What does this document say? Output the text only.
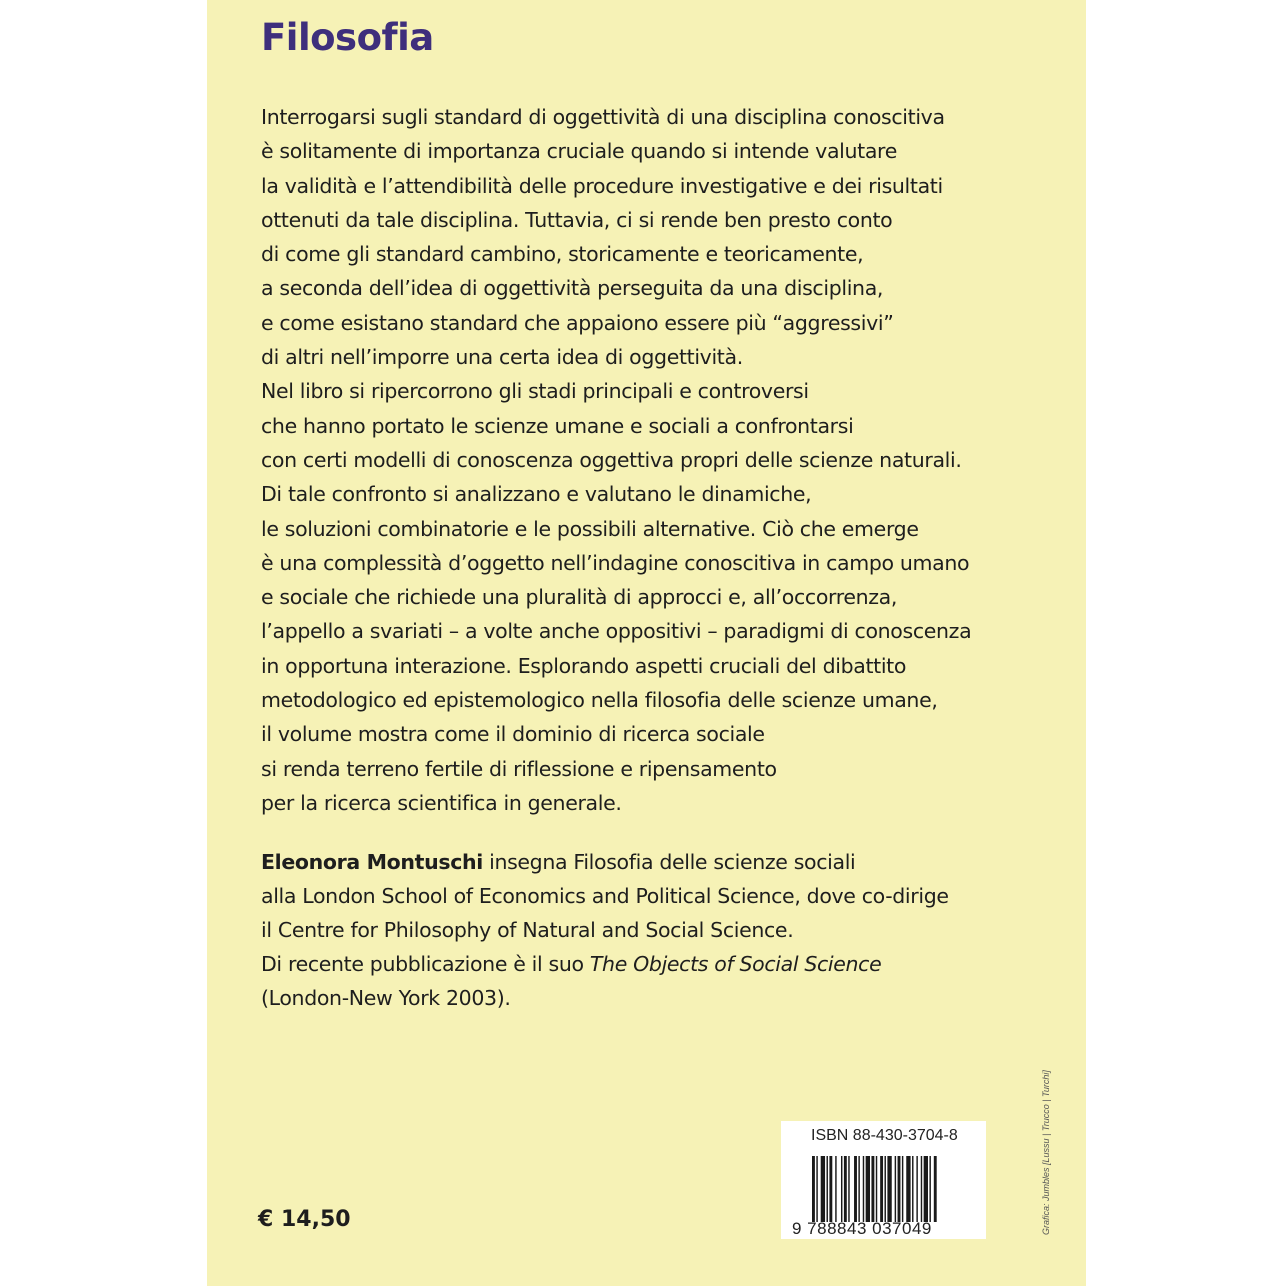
Filosofia
Interrogarsi sugli standard di oggettività di una disciplina conoscitiva
è solitamente di importanza cruciale quando si intende valutare
la validità e l’attendibilità delle procedure investigative e dei risultati
ottenuti da tale disciplina. Tuttavia, ci si rende ben presto conto
di come gli standard cambino, storicamente e teoricamente,
a seconda dell’idea di oggettività perseguita da una disciplina,
e come esistano standard che appaiono essere più “aggressivi”
di altri nell’imporre una certa idea di oggettività.
Nel libro si ripercorrono gli stadi principali e controversi
che hanno portato le scienze umane e sociali a confrontarsi
con certi modelli di conoscenza oggettiva propri delle scienze naturali.
Di tale confronto si analizzano e valutano le dinamiche,
le soluzioni combinatorie e le possibili alternative. Ciò che emerge
è una complessità d’oggetto nell’indagine conoscitiva in campo umano
e sociale che richiede una pluralità di approcci e, all’occorrenza,
l’appello a svariati – a volte anche oppositivi – paradigmi di conoscenza
in opportuna interazione. Esplorando aspetti cruciali del dibattito
metodologico ed epistemologico nella filosofia delle scienze umane,
il volume mostra come il dominio di ricerca sociale
si renda terreno fertile di riflessione e ripensamento
per la ricerca scientifica in generale.
Eleonora Montuschi insegna Filosofia delle scienze sociali
alla London School of Economics and Political Science, dove co-dirige
il Centre for Philosophy of Natural and Social Science.
Di recente pubblicazione è il suo The Objects of Social Science
(London-New York 2003).
€ 14,50
ISBN 88-430-3704-8
9 788843 037049	Grafica: Jumbles [Lussu | Trucco | Turchi]
